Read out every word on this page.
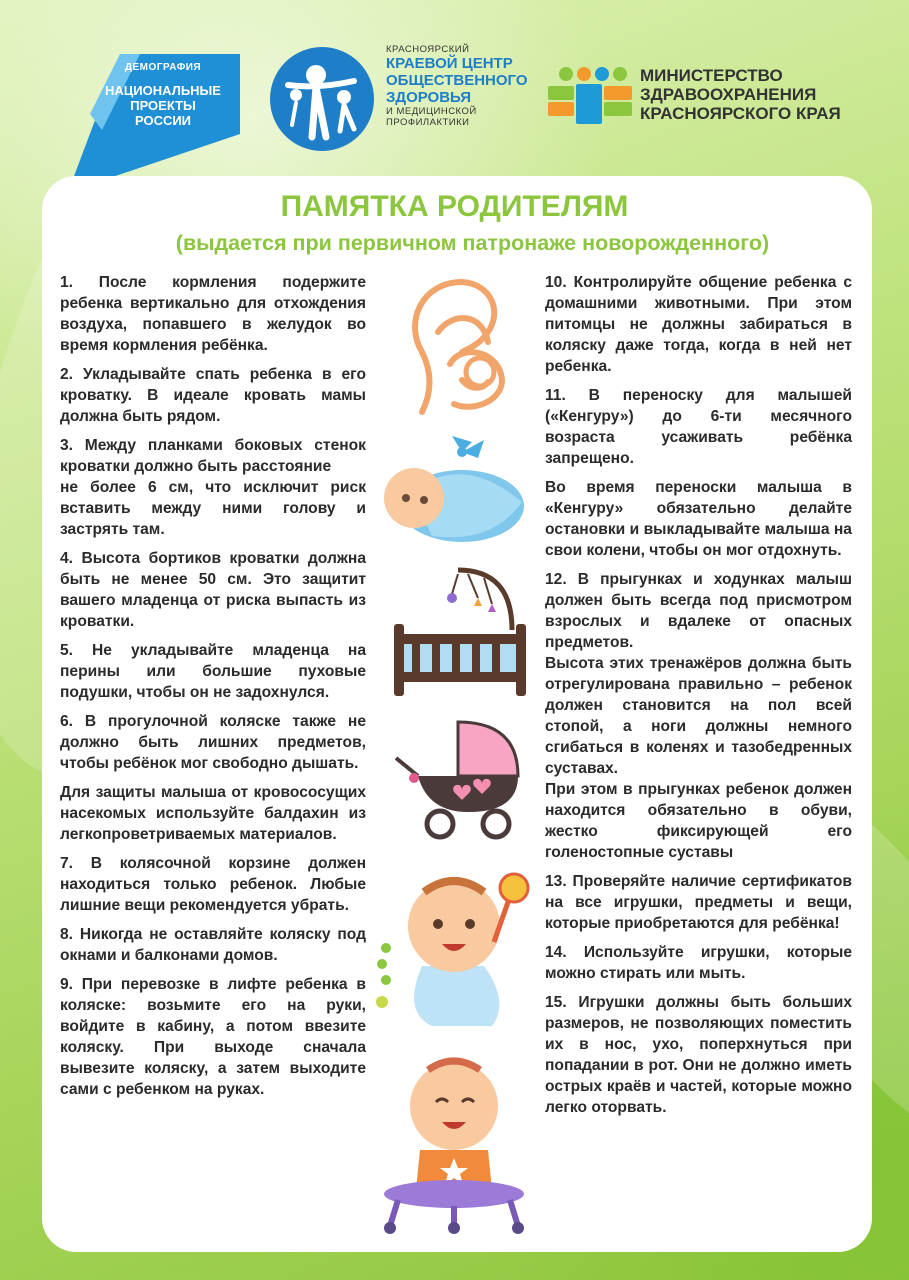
ДЕМОГРАФИЯ
НАЦИОНАЛЬНЫЕ
ПРОЕКТЫ
РОССИИ
КРАСНОЯРСКИЙ
КРАЕВОЙ ЦЕНТР
ОБЩЕСТВЕННОГО
ЗДОРОВЬЯ
И МЕДИЦИНСКОЙ
ПРОФИЛАКТИКИ
МИНИСТЕРСТВО
ЗДРАВООХРАНЕНИЯ
КРАСНОЯРСКОГО КРАЯ
ПАМЯТКА РОДИТЕЛЯМ
(выдается при первичном патронаже новорожденного)

1. После кормления подержите ребенка вертикально для отхождения воздуха, попавшего в желудок во время кормления ребёнка.

2. Укладывайте спать ребенка в его кроватку. В идеале кровать мамы должна быть рядом.

3. Между планками боковых стенок кроватки должно быть расстояние

не более 6 см, что исключит риск вставить между ними голову и застрять там.

4. Высота бортиков кроватки должна быть не менее 50 см. Это защитит вашего младенца от риска выпасть из кроватки.

5. Не укладывайте младенца на перины или большие пуховые подушки, чтобы он не задохнулся.

6. В прогулочной коляске также не должно быть лишних предметов, чтобы ребёнок мог свободно дышать.

Для защиты малыша от кровососущих насекомых используйте балдахин из легкопроветриваемых материалов.

7. В колясочной корзине должен находиться только ребенок. Любые лишние вещи рекомендуется убрать.

8. Никогда не оставляйте коляску под окнами и балконами домов.

9. При перевозке в лифте ребенка в коляске: возьмите его на руки, войдите в кабину, а потом ввезите коляску. При выходе сначала вывезите коляску, а затем выходите сами с ребенком на руках.

10. Контролируйте общение ребенка с домашними животными. При этом питомцы не должны забираться в коляску даже тогда, когда в ней нет ребенка.

11. В переноску для малышей («Кенгуру») до 6-ти месячного возраста усаживать ребёнка запрещено.

Во время переноски малыша в «Кенгуру» обязательно делайте остановки и выкладывайте малыша на свои колени, чтобы он мог отдохнуть.

12. В прыгунках и ходунках малыш должен быть всегда под присмотром взрослых и вдалеке от опасных предметов.

Высота этих тренажёров должна быть отрегулирована правильно – ребенок должен становится на пол всей стопой, а ноги должны немного сгибаться в коленях и тазобедренных суставах.

При этом в прыгунках ребенок должен находится обязательно в обуви, жестко фиксирующей его голеностопные суставы

13. Проверяйте наличие сертификатов на все игрушки, предметы и вещи, которые приобретаются для ребёнка!

14. Используйте игрушки, которые можно стирать или мыть.

15. Игрушки должны быть больших размеров, не позволяющих поместить их в нос, ухо, поперхнуться при попадании в рот. Они не должно иметь острых краёв и частей, которые можно легко оторвать.
